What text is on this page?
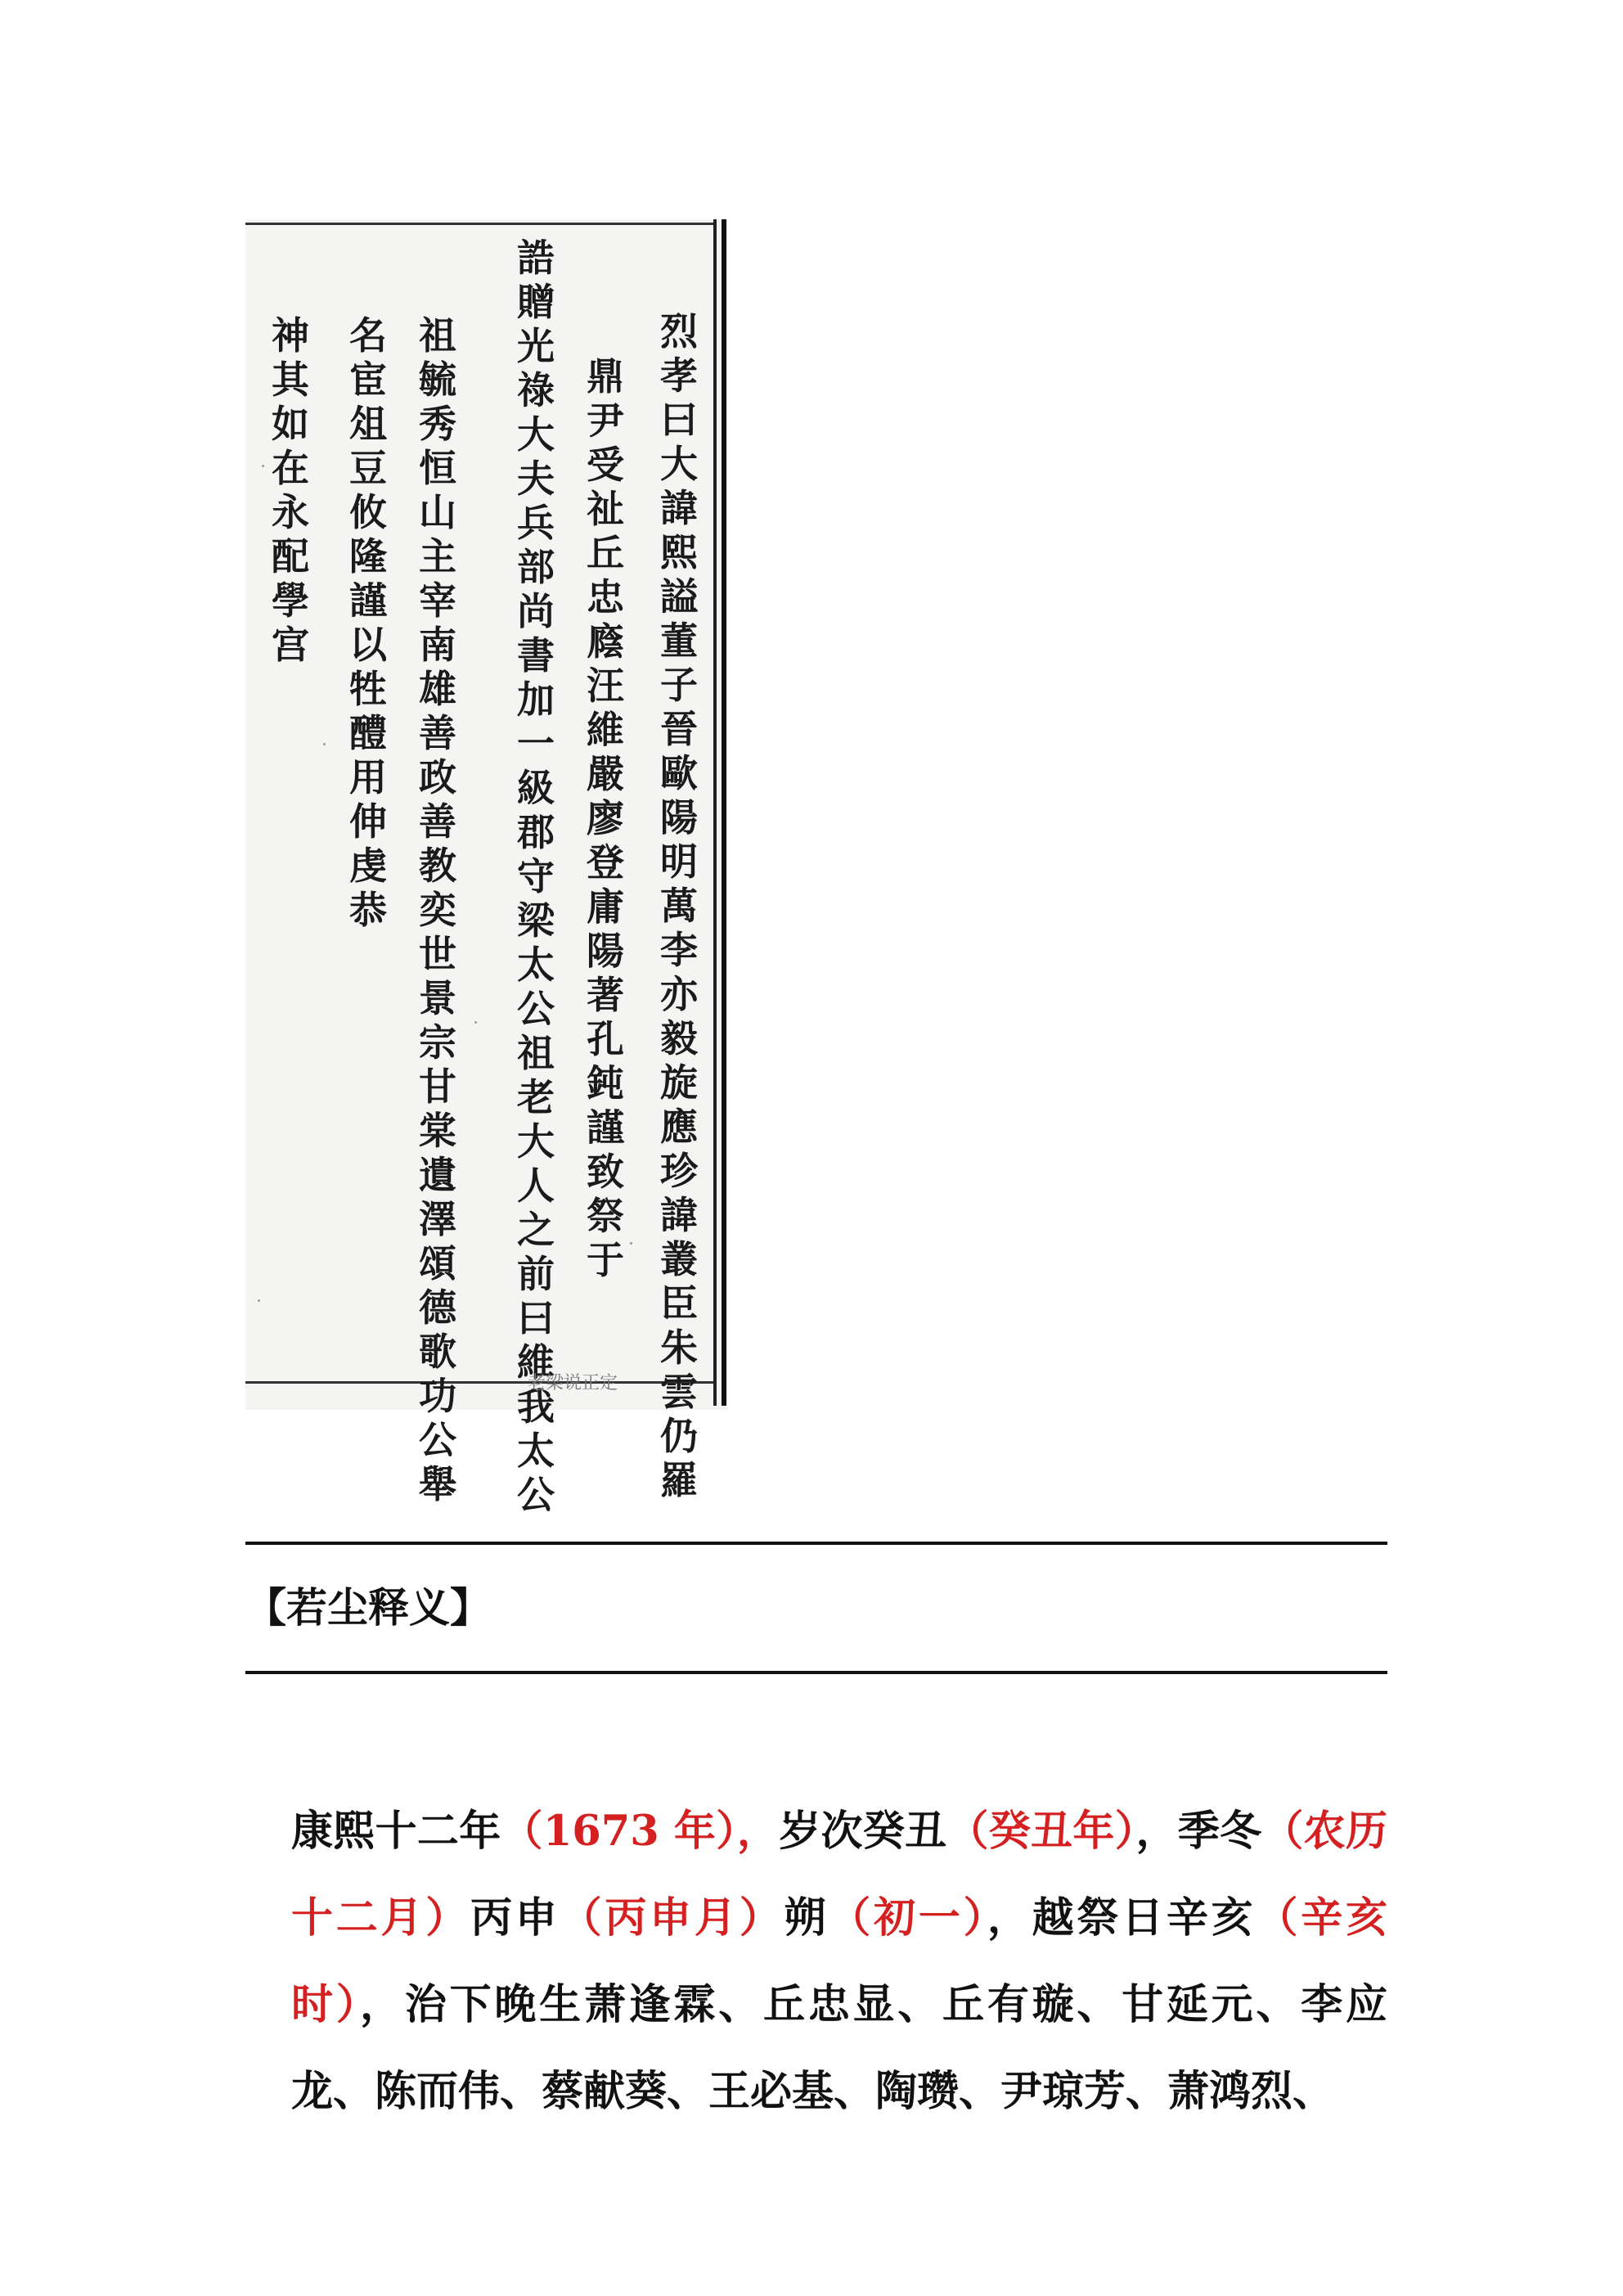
烈
孝
曰
大
諱
熙
謚
董
子
晉
歐
陽
明
萬
李
亦
毅
旋
應
珍
諱
叢
臣
朱
雲
仍
羅
鼎
尹
受
祉
丘
忠
廕
汪
維
嚴
廖
登
庸
陽
著
孔
鈍
謹
致
祭
于
誥
贈
光
祿
大
夫
兵
部
尚
書
加
一
級
郡
守
梁
太
公
祖
老
大
人
之
前
曰
維
我
太
公
祖
毓
秀
恒
山
主
宰
南
雄
善
政
善
教
奕
世
景
宗
甘
棠
遺
澤
頌
德
歌
功
公
舉
名
宦
俎
豆
攸
隆
謹
以
牲
醴
用
伸
虔
恭
神
其
如
在
永
配
學
宫
老梁说正定
【若尘释义】
康熙十二年（1673 年），岁次癸丑（癸丑年），季冬（农历十二月）丙申（丙申月）朔（初一），越祭日辛亥（辛亥时），治下晚生萧逢霖、丘忠显、丘有璇、甘延元、李应龙、陈而伟、蔡献葵、王必基、陶瓒、尹琼芳、萧鸿烈、
